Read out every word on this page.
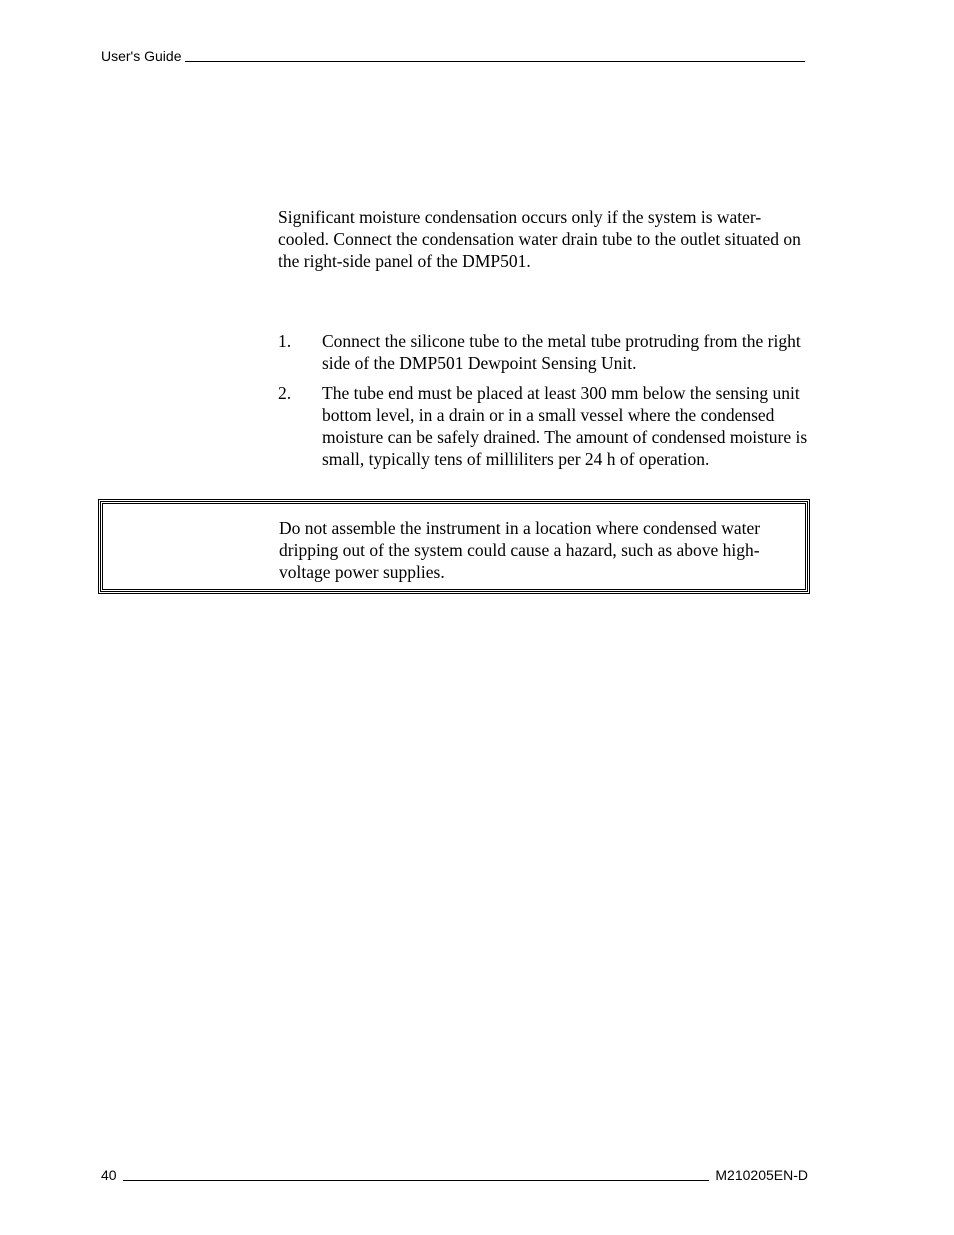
User's Guide

Significant moisture condensation occurs only if the system is water-cooled. Connect the condensation water drain tube to the outlet situated on the right-side panel of the DMP501.

1.	Connect the silicone tube to the metal tube protruding from the right side of the DMP501 Dewpoint Sensing Unit.
2.	The tube end must be placed at least 300 mm below the sensing unit bottom level, in a drain or in a small vessel where the condensed moisture can be safely drained. The amount of condensed moisture is small, typically tens of milliliters per 24 h of operation.

Do not assemble the instrument in a location where condensed water dripping out of the system could cause a hazard, such as above high-voltage power supplies.

40	M210205EN-D
